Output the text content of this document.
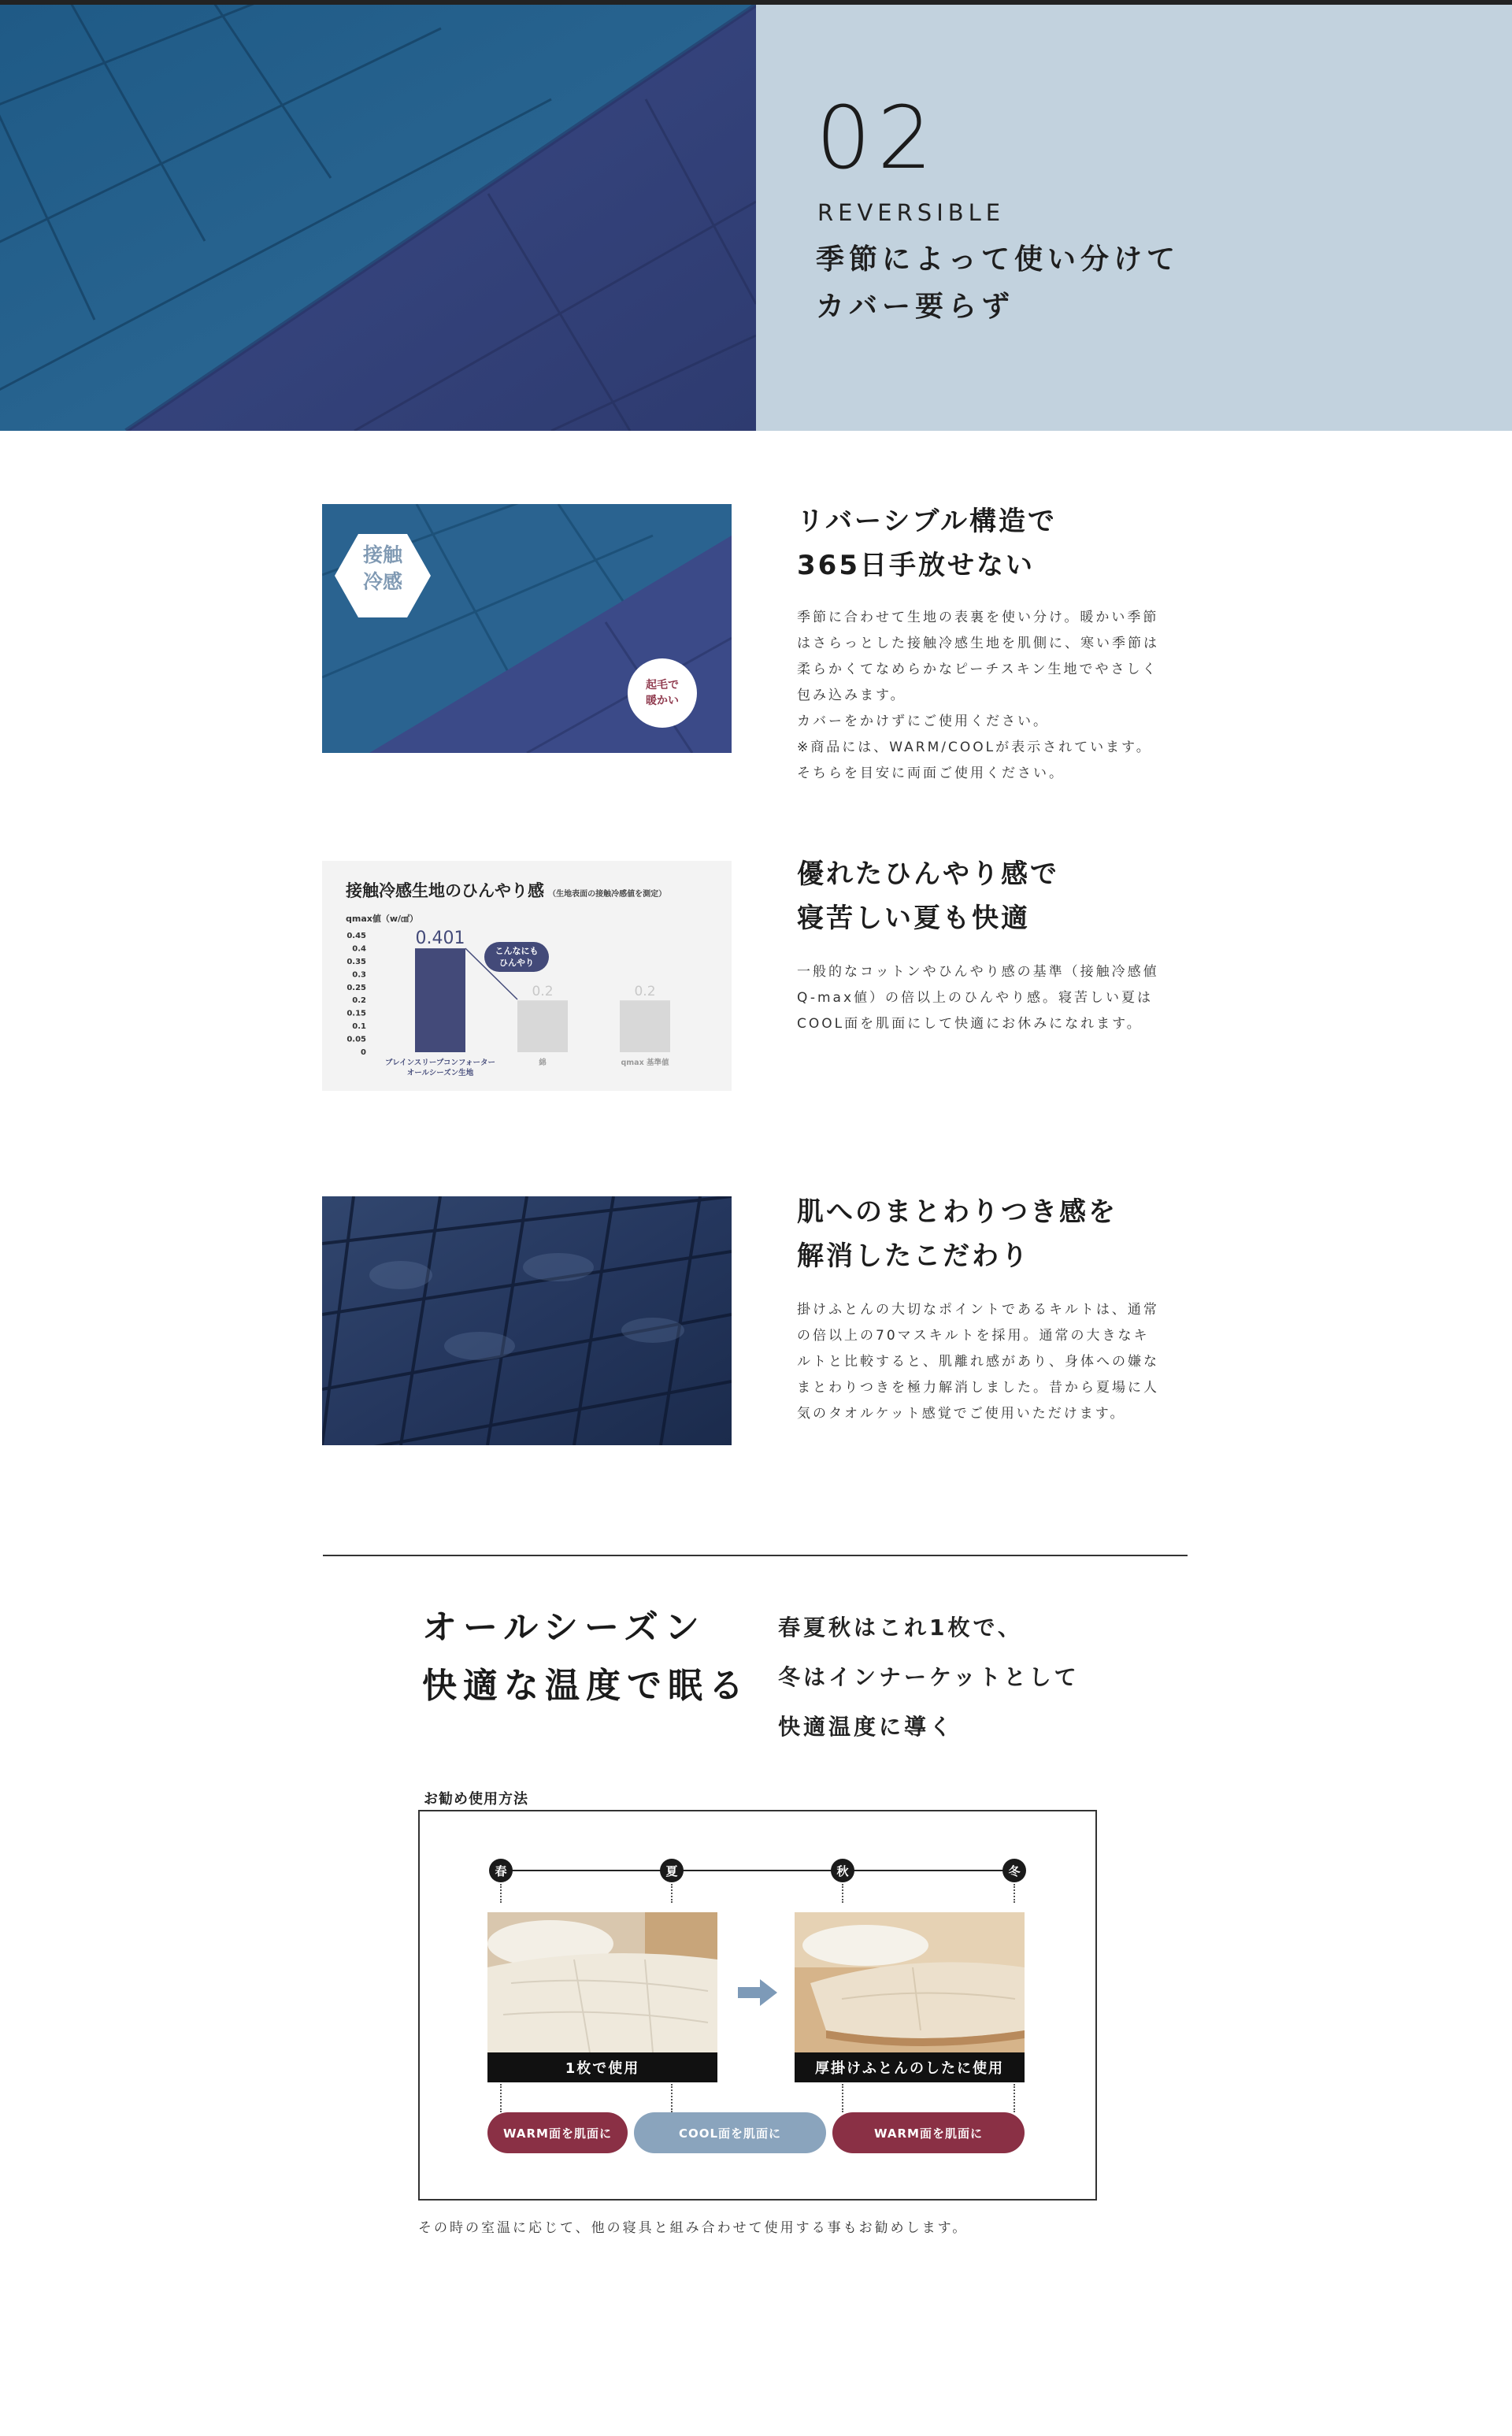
02
REVERSIBLE
季節によって使い分けて
カバー要らず
接触
冷感
起毛で
暖かい
リバーシブル構造で
365日手放せない
季節に合わせて生地の表裏を使い分け。暖かい季節
はさらっとした接触冷感生地を肌側に、寒い季節は
柔らかくてなめらかなピーチスキン生地でやさしく
包み込みます。
カバーをかけずにご使用ください。
※商品には、WARM/COOLが表示されています。
そちらを目安に両面ご使用ください。
接触冷感生地のひんやり感 （生地表面の接触冷感値を測定）
qmax値（w/㎠）
0.45
0.4
0.35
0.3
0.25
0.2
0.15
0.1
0.05
0
0.401
ブレインスリープコンフォーター
オールシーズン生地
0.2
綿
0.2
qmax 基準値
こんなにも
ひんやり
優れたひんやり感で
寝苦しい夏も快適
一般的なコットンやひんやり感の基準（接触冷感値
Q-max値）の倍以上のひんやり感。寝苦しい夏は
COOL面を肌面にして快適にお休みになれます。
肌へのまとわりつき感を
解消したこだわり
掛けふとんの大切なポイントであるキルトは、通常
の倍以上の70マスキルトを採用。通常の大きなキ
ルトと比較すると、肌離れ感があり、身体への嫌な
まとわりつきを極力解消しました。昔から夏場に人
気のタオルケット感覚でご使用いただけます。
オールシーズン
快適な温度で眠る
春夏秋はこれ1枚で、
冬はインナーケットとして
快適温度に導く
お勧め使用方法
春	夏	秋	冬
1枚で使用	厚掛けふとんのしたに使用
WARM面を肌面に	COOL面を肌面に	WARM面を肌面に
その時の室温に応じて、他の寝具と組み合わせて使用する事もお勧めします。
